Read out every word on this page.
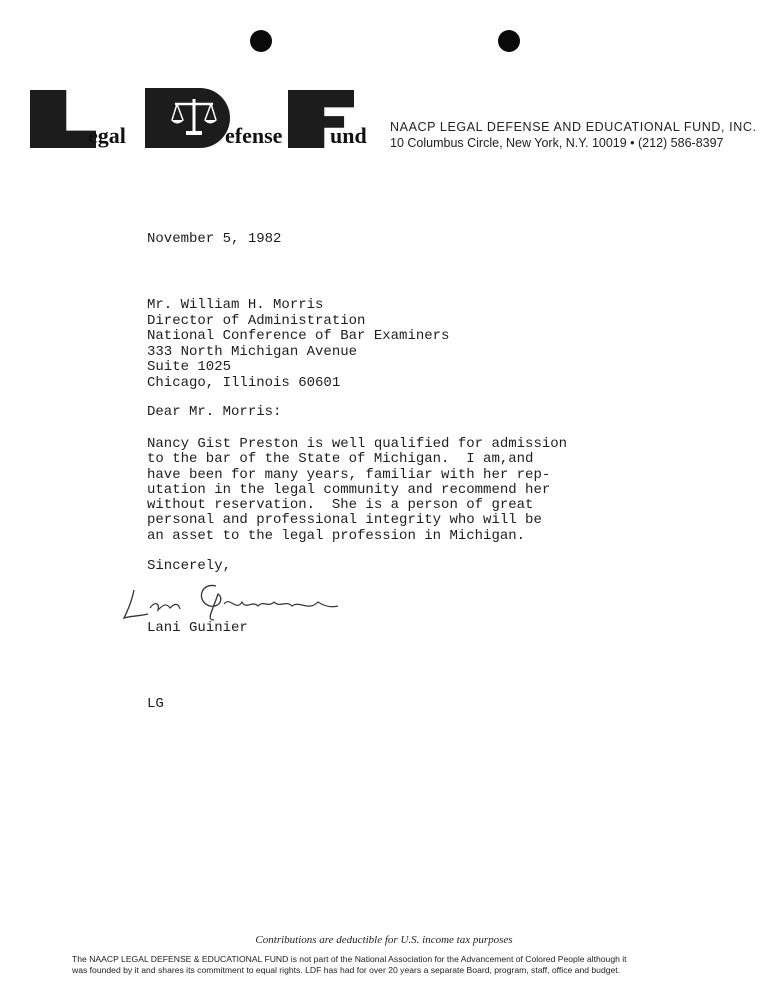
egal	efense und NAACP LEGAL DEFENSE AND EDUCATIONAL FUND, INC.
10 Columbus Circle, New York, N.Y. 10019 • (212) 586-8397
November 5, 1982
Mr. William H. Morris
Director of Administration
National Conference of Bar Examiners
333 North Michigan Avenue
Suite 1025
Chicago, Illinois 60601
Dear Mr. Morris:
Nancy Gist Preston is well qualified for admission
to the bar of the State of Michigan.  I am,and
have been for many years, familiar with her rep-
utation in the legal community and recommend her
without reservation.  She is a person of great
personal and professional integrity who will be
an asset to the legal profession in Michigan.
Sincerely,
Lani Guinier
LG
Contributions are deductible for U.S. income tax purposes
The NAACP LEGAL DEFENSE & EDUCATIONAL FUND is not part of the National Association for the Advancement of Colored People although it
was founded by it and shares its commitment to equal rights. LDF has had for over 20 years a separate Board, program, staff, office and budget.
